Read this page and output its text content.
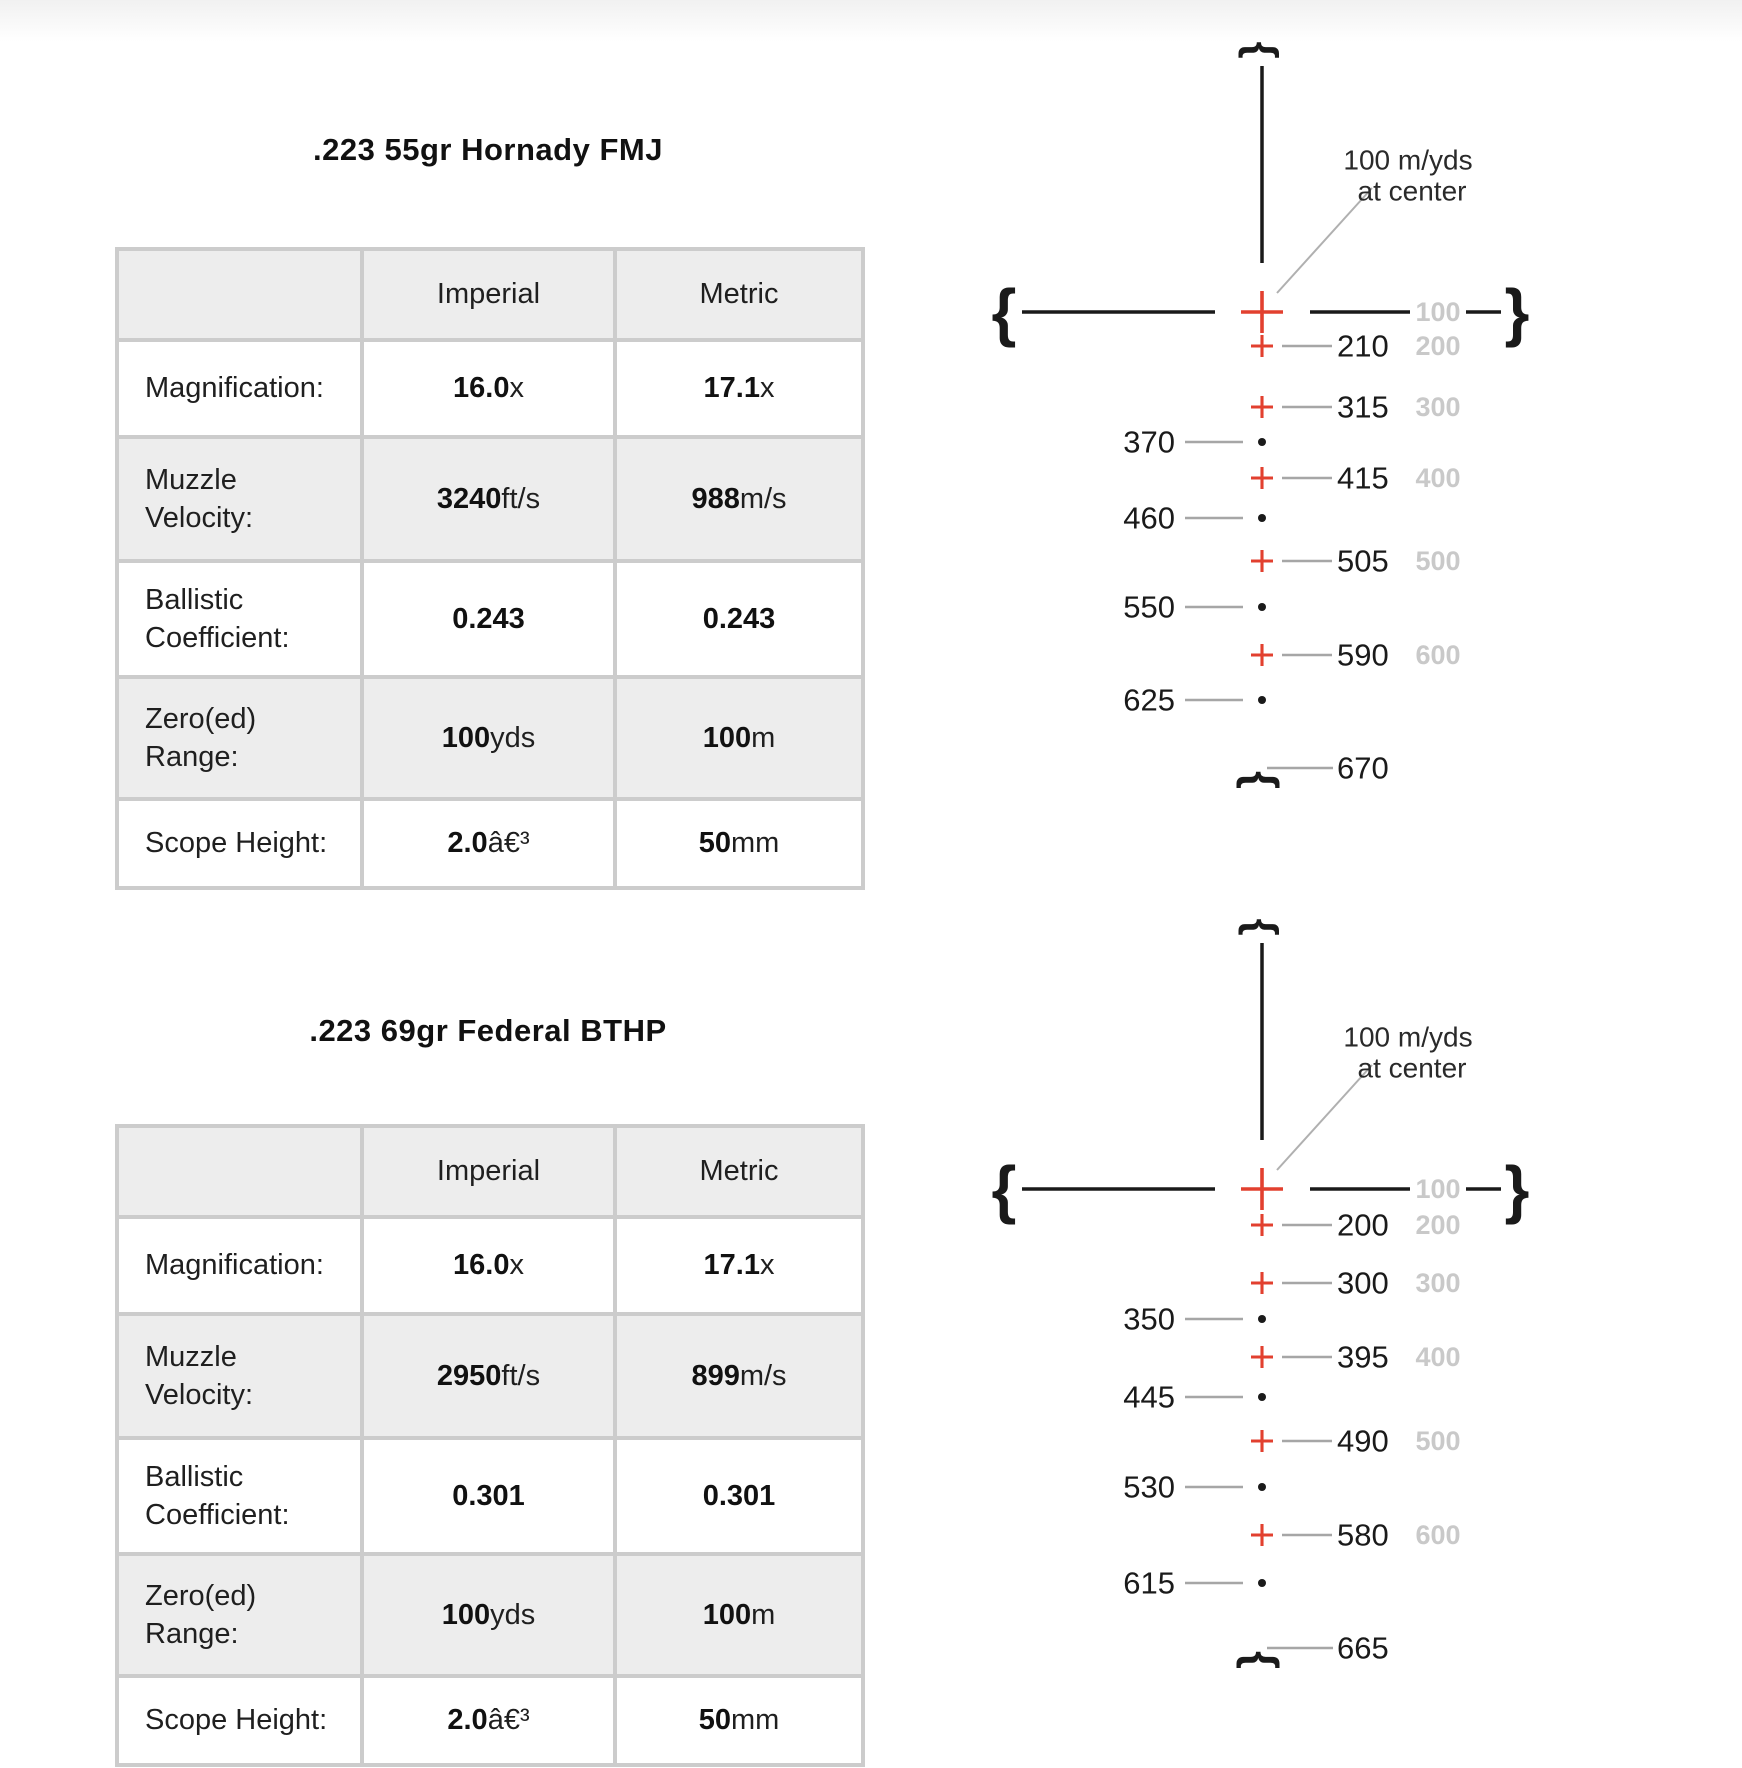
.223 55gr Hornady FMJ
	Imperial	Metric
Magnification:	16.0x	17.1x
Muzzle Velocity:	3240ft/s	988m/s
Ballistic Coefficient:	0.243	0.243
Zero(ed) Range:	100yds	100m
Scope Height:	2.0â€³	50mm
{
{	100 }
100 m/yds
at center
210 200
315 300
370
415 400
460
505 500
550
590 600
625
670
{
.223 69gr Federal BTHP
	Imperial	Metric
Magnification:	16.0x	17.1x
Muzzle Velocity:	2950ft/s	899m/s
Ballistic Coefficient:	0.301	0.301
Zero(ed) Range:	100yds	100m
Scope Height:	2.0â€³	50mm
{
{	100 }
100 m/yds
at center
200 200
300 300
350
395 400
445
490 500
530
580 600
615
665
{
